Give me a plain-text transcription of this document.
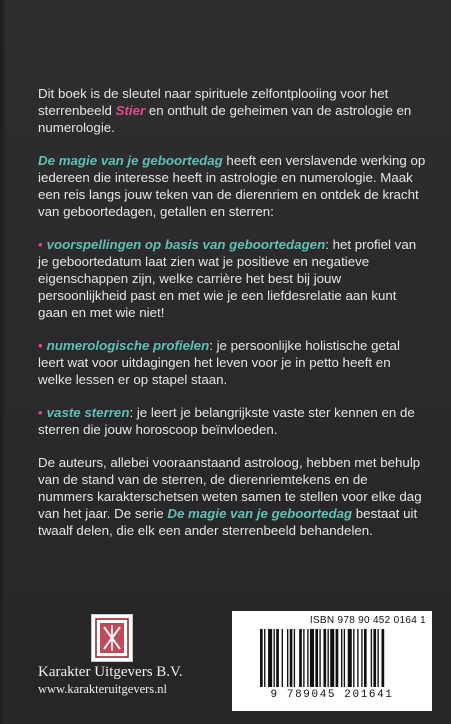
Dit boek is de sleutel naar spirituele zelfontplooiing voor het sterrenbeeld Stier en onthult de geheimen van de astrologie en numerologie.

De magie van je geboortedag heeft een verslavende werking op iedereen die interesse heeft in astrologie en numerologie. Maak een reis langs jouw teken van de dierenriem en ontdek de kracht van geboortedagen, getallen en sterren:

• voorspellingen op basis van geboortedagen: het profiel van je geboortedatum laat zien wat je positieve en negatieve eigenschappen zijn, welke carrière het best bij jouw persoonlijkheid past en met wie je een liefdesrelatie aan kunt gaan en met wie niet!

• numerologische profielen: je persoonlijke holistische getal leert wat voor uitdagingen het leven voor je in petto heeft en welke lessen er op stapel staan.

• vaste sterren: je leert je belangrijkste vaste ster kennen en de sterren die jouw horoscoop beïnvloeden.

De auteurs, allebei vooraanstaand astroloog, hebben met behulp van de stand van de sterren, de dierenriemtekens en de nummers karakterschetsen weten samen te stellen voor elke dag van het jaar. De serie De magie van je geboortedag bestaat uit twaalf delen, die elk een ander sterrenbeeld behandelen.

Karakter Uitgevers B.V.
www.karakteruitgevers.nl
ISBN 978 90 452 0164 1
9 789045 201641
